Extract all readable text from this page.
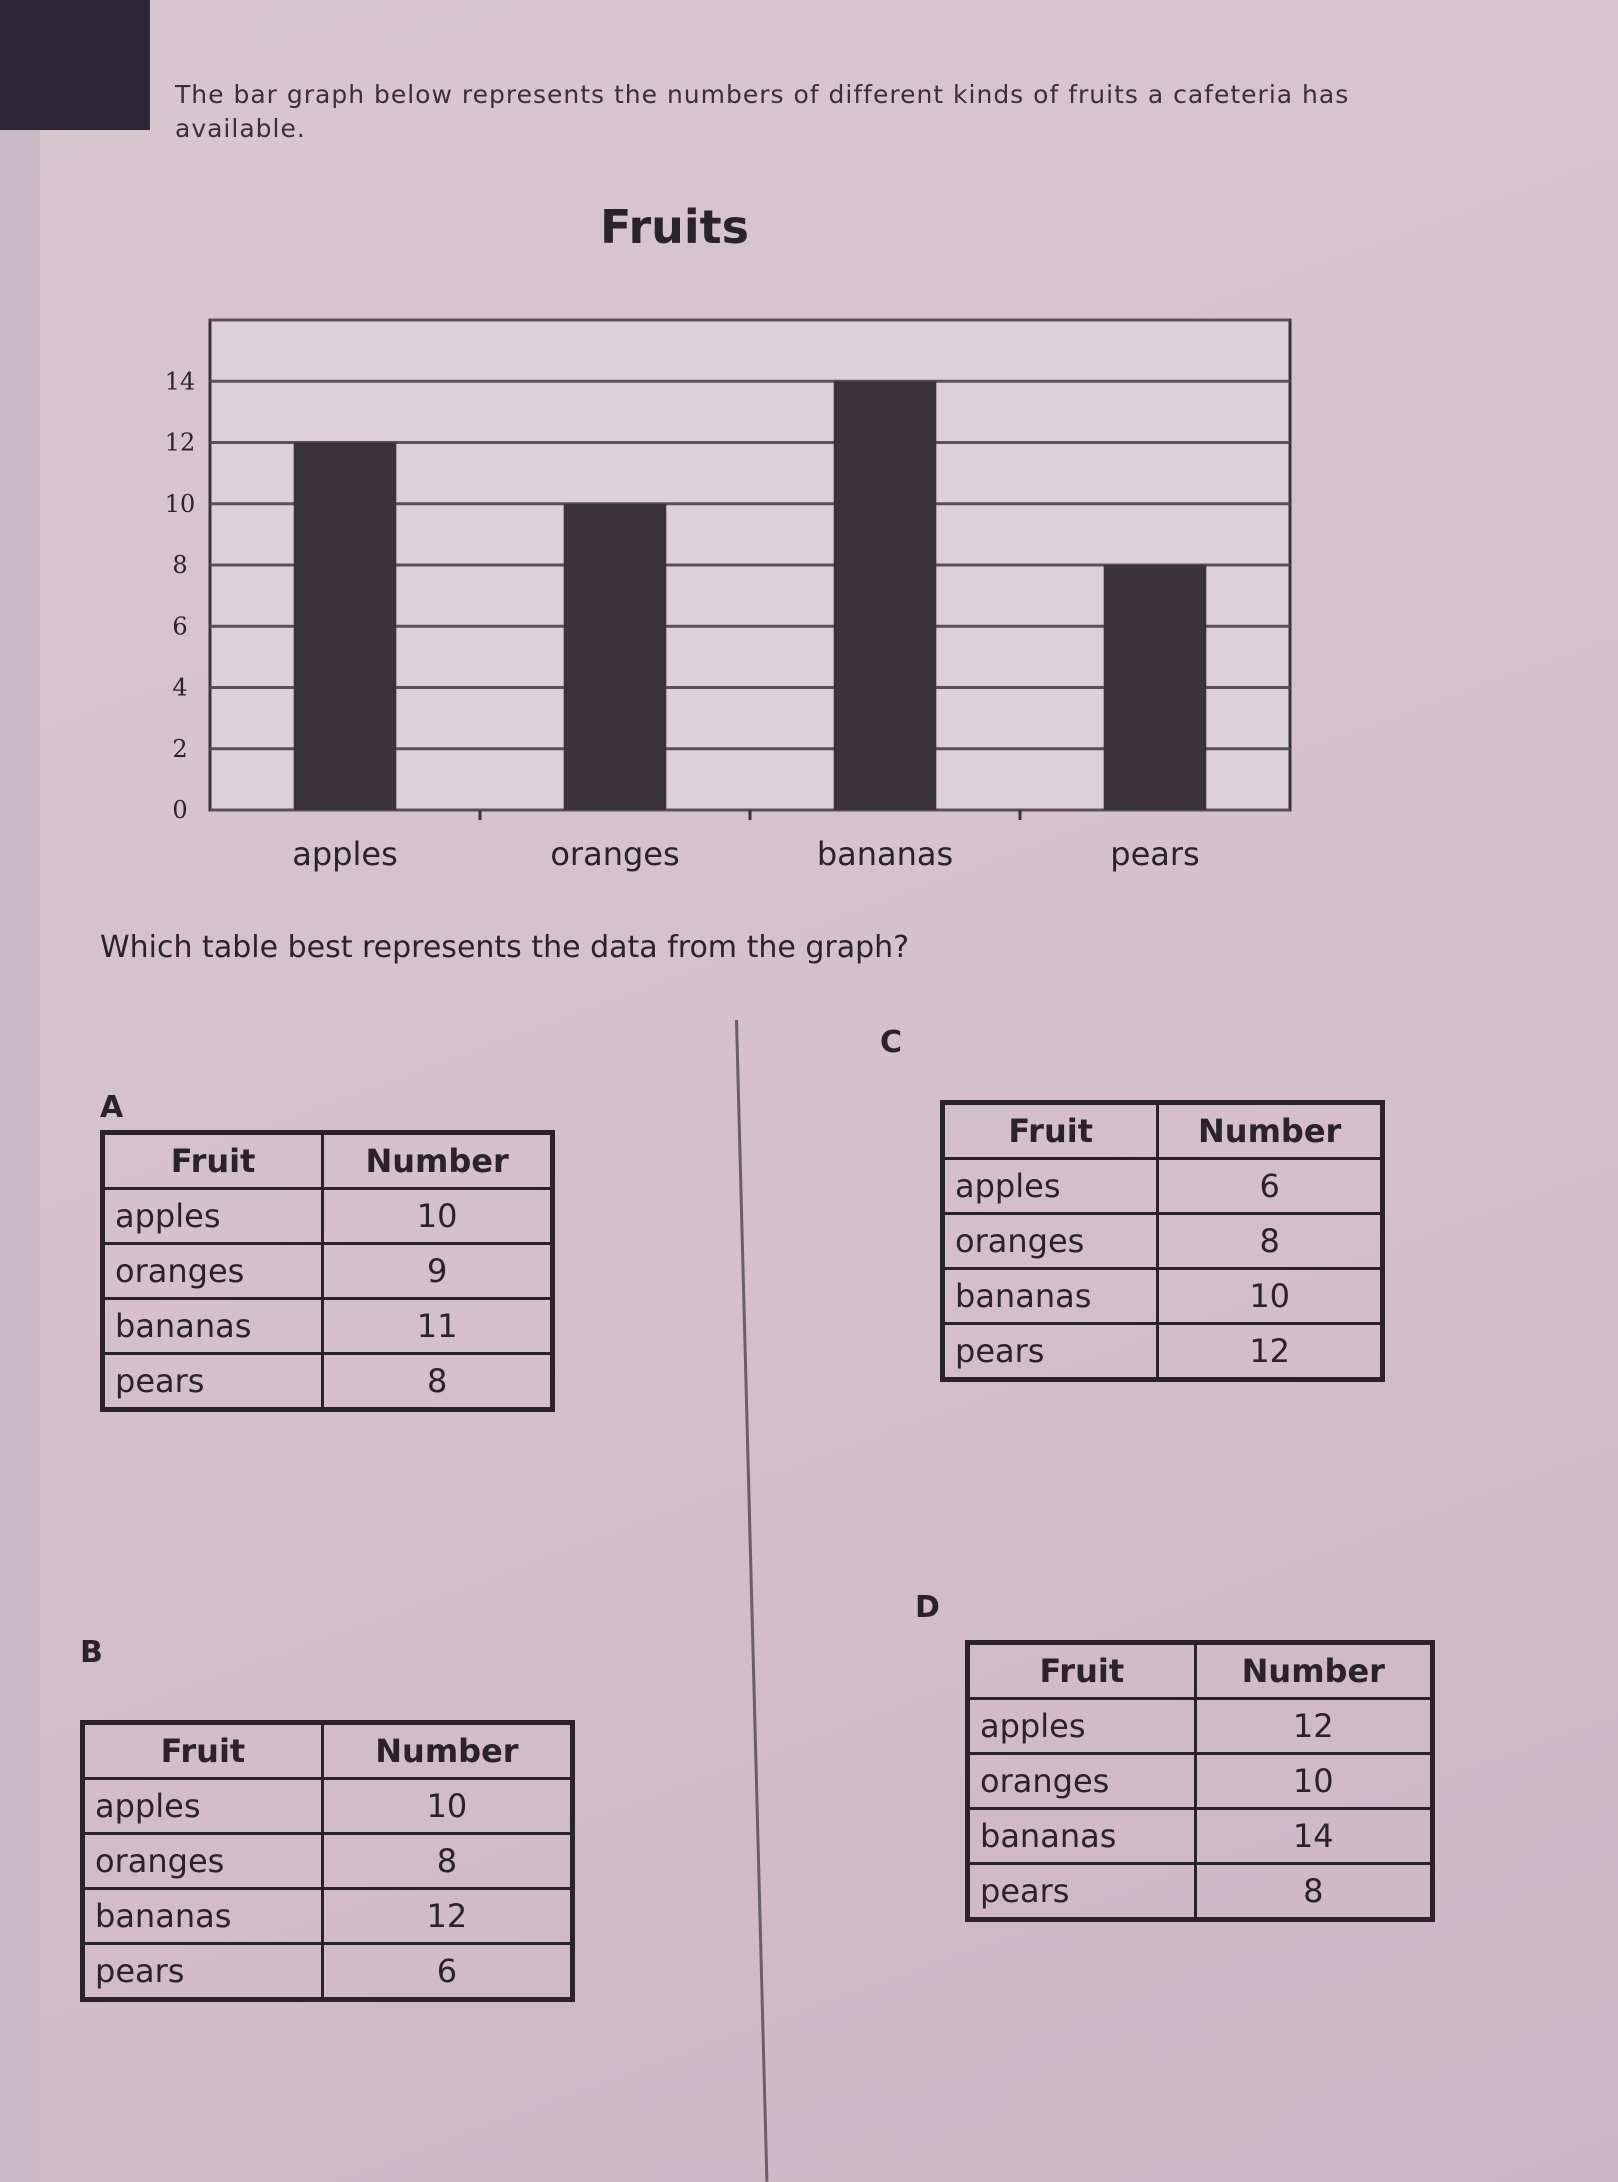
The bar graph below represents the numbers of different kinds of fruits a cafeteria has available.
Fruits
0
2
4
6
8
10
12
14
apples	oranges	bananas	pears
Which table best represents the data from the graph?
A
C
B
D
Fruit	Number
apples	10
oranges	9
bananas	11
pears	8
Fruit	Number
apples	6
oranges	8
bananas	10
pears	12
Fruit	Number
apples	10
oranges	8
bananas	12
pears	6
Fruit	Number
apples	12
oranges	10
bananas	14
pears	8
